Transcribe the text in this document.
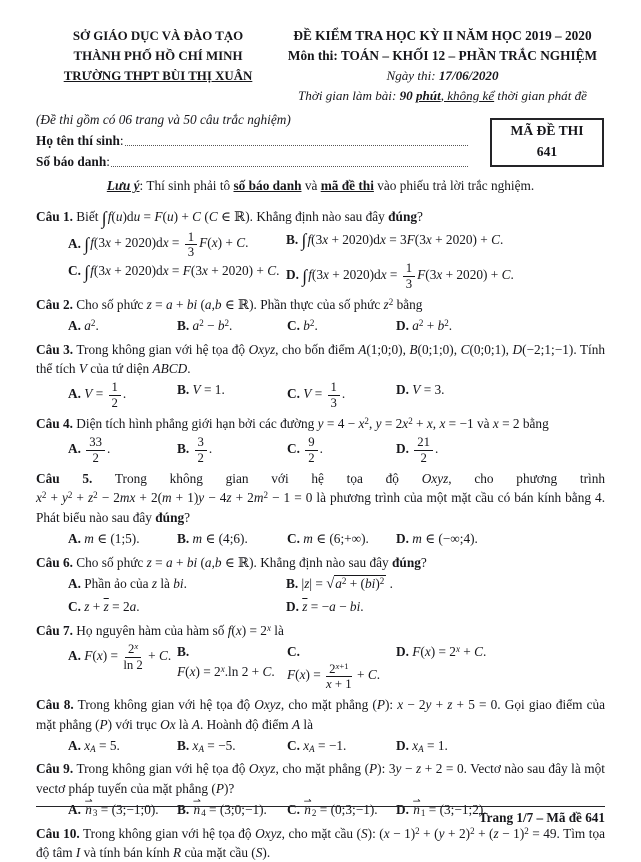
SỞ GIÁO DỤC VÀ ĐÀO TẠO
THÀNH PHỐ HỒ CHÍ MINH
TRƯỜNG THPT BÙI THỊ XUÂN
ĐỀ KIỂM TRA HỌC KỲ II NĂM HỌC 2019 – 2020
Môn thi: TOÁN – KHỐI 12 – PHẦN TRẮC NGHIỆM
Ngày thi: 17/06/2020
Thời gian làm bài: 90 phút, không kể thời gian phát đề
(Đề thi gồm có 06 trang và 50 câu trắc nghiệm)
Họ tên thí sinh:
Số báo danh:
MÃ ĐỀ THI
641
Lưu ý: Thí sinh phải tô số báo danh và mã đề thi vào phiếu trả lời trắc nghiệm.
Câu 1. Biết ∫f(u)du = F(u) + C (C ∈ ℝ). Khẳng định nào sau đây đúng?
A. $\int f(3x + 2020)dx = \frac{1}{3} F(x) + C$.	B. ∫f(3x + 2020)dx = 3F(3x + 2020) + C.
C. ∫f(3x + 2020)dx = F(3x + 2020) + C. D. $\int f(3x + 2020)dx = \frac{1}{3} F(3x + 2020) + C$.
Câu 2. Cho số phức z = a + bi (a,b ∈ ℝ). Phần thực của số phức $z^2$ bằng
A. $a^2$.	B. $a^2 - b^2$.	C. $b^2$.	D. $a^2 + b^2$.
Câu 3. Trong không gian với hệ tọa độ Oxyz, cho bốn điểm A(1;0;0), B(0;1;0), C(0;0;1), D(−2;1;−1). Tính thể tích V của tứ diện ABCD.
A. $V = \frac{1}{2}$ .	B. V = 1.	C. $V = \frac{1}{3}$ .	D. V = 3.
Câu 4. Diện tích hình phẳng giới hạn bởi các đường $y = 4 - x^2$, $y = 2x^2 + x$, x = −1 và x = 2 bằng
A. $\frac{33}{2}$ .	B. $\frac{3}{2}$ .	C. $\frac{9}{2}$ .	D. $\frac{21}{2}$ .
Câu 5. Trong không gian với hệ tọa độ Oxyz, cho phương trình $x^2 + y^2 + z^2 - 2mx + 2(m + 1)y - 4z + 2m^2 - 1 = 0$ là phương trình của một mặt cầu có bán kính bằng 4. Phát biểu nào sau đây đúng?
A. m ∈ (1;5).	B. m ∈ (4;6).	C. m ∈ (6;+∞).	D. m ∈ (−∞;4).
Câu 6. Cho số phức z = a + bi (a,b ∈ ℝ). Khẳng định nào sau đây đúng?
A. Phần ảo của z là bi.	B. $|z| = √a^2 + (bi)^2$ .
C. $z + \overline{z} = 2a$.	D. $\overline{z} = -a$ − bi.
Câu 7. Họ nguyên hàm của hàm số $f(x) = 2^x$ là
A. $F(x) = \frac{2^x}{\ln 2} + C$. B. $F(x) = 2^x.\ln$ 2 + C.
C. $F(x) = \frac{2^{x+1}}{x + 1} + C$.
D. $F(x) = 2^x + C$.
Câu 8. Trong không gian với hệ tọa độ Oxyz, cho mặt phẳng (P): x − 2y + z + 5 = 0. Gọi giao điểm của mặt phẳng (P) với trục Ox là A. Hoành độ điểm A là
A. $x_A = 5$.	B. $x_A = -5$.	C. $x_A = -1$.	D. $x_A = 1$.
Câu 9. Trong không gian với hệ tọa độ Oxyz, cho mặt phẳng (P): 3y − z + 2 = 0. Vectơ nào sau đây là một vectơ pháp tuyến của mặt phẳng (P)?
A. n $⇀_3$ = (3;−1;0).	B. n $⇀_4$ = (3;0;−1).	C. n $⇀_2$ = (0;3;−1).	D. n $⇀_1$ = (3;−1;2).
Câu 10. Trong không gian với hệ tọa độ Oxyz, cho mặt cầu (S): $(x - 1)^2 + (y + 2)^2 + (z - 1)^2 = 49$. Tìm tọa độ tâm I và tính bán kính R của mặt cầu (S).
Trang 1/7 – Mã đề 641
